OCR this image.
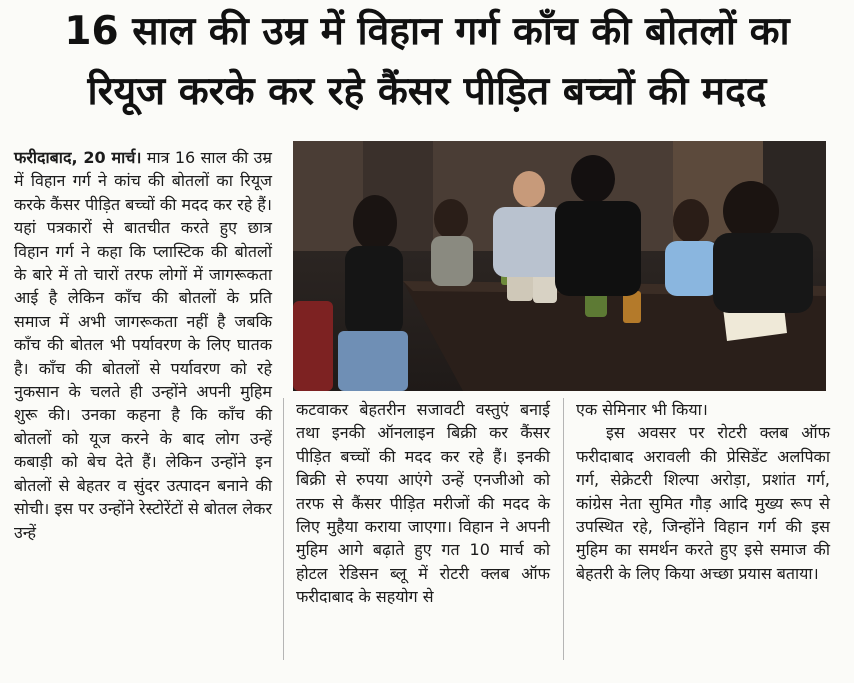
16 साल की उम्र में विहान गर्ग काँच की बोतलों का
रियूज करके कर रहे कैंसर पीड़ित बच्चों की मदद

फरीदाबाद, 20 मार्च। मात्र 16 साल की उम्र में विहान गर्ग ने कांच की बोतलों का रियूज करके कैंसर पीड़ित बच्चों की मदद कर रहे हैं। यहां पत्रकारों से बातचीत करते हुए छात्र विहान गर्ग ने कहा कि प्लास्टिक की बोतलों के बारे में तो चारों तरफ लोगों में जागरूकता आई है लेकिन काँच की बोतलों के प्रति समाज में अभी जागरूकता नहीं है जबकि काँच की बोतल भी पर्यावरण के लिए घातक है। काँच की बोतलों से पर्यावरण को रहे नुकसान के चलते ही उन्होंने अपनी मुहिम शुरू की। उनका कहना है कि काँच की बोतलों को यूज करने के बाद लोग उन्हें कबाड़ी को बेच देते हैं। लेकिन उन्होंने इन बोतलों से बेहतर व सुंदर उत्पादन बनाने की सोची। इस पर उन्होंने रेस्टोरेंटों से बोतल लेकर उन्हें

कटवाकर बेहतरीन सजावटी वस्तुएं बनाई तथा इनकी ऑनलाइन बिक्री कर कैंसर पीड़ित बच्चों की मदद कर रहे हैं। इनकी बिक्री से रुपया आएंगे उन्हें एनजीओ को तरफ से कैंसर पीड़ित मरीजों की मदद के लिए मुहैया कराया जाएगा। विहान ने अपनी मुहिम आगे बढ़ाते हुए गत 10 मार्च को होटल रेडिसन ब्लू में रोटरी क्लब ऑफ फरीदाबाद के सहयोग से

एक सेमिनार भी किया।

इस अवसर पर रोटरी क्लब ऑफ फरीदाबाद अरावली की प्रेसिडेंट अलपिका गर्ग, सेक्रेटरी शिल्पा अरोड़ा, प्रशांत गर्ग, कांग्रेस नेता सुमित गौड़ आदि मुख्य रूप से उपस्थित रहे, जिन्होंने विहान गर्ग की इस मुहिम का समर्थन करते हुए इसे समाज की बेहतरी के लिए किया अच्छा प्रयास बताया।
